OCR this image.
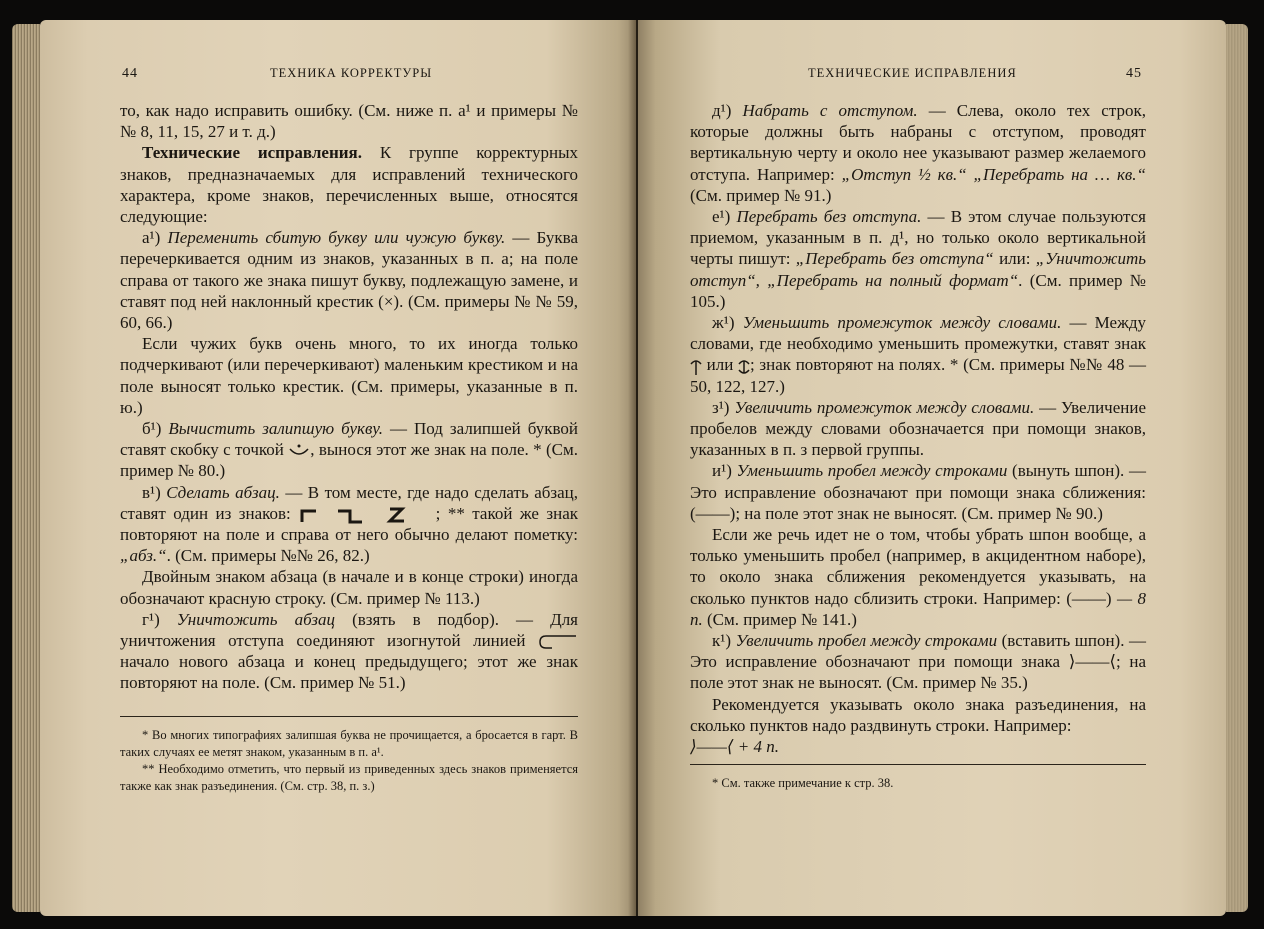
44	ТЕХНИКА КОРРЕКТУРЫ

то, как надо исправить ошибку. (См. ниже п. а¹ и примеры №№ 8, 11, 15, 27 и т. д.)

Технические исправления. К группе корректурных знаков, предназначаемых для исправлений технического характера, кроме знаков, перечисленных выше, относятся следующие:

а¹) Переменить сбитую букву или чужую букву. — Буква перечеркивается одним из знаков, указанных в п. а; на поле справа от такого же знака пишут букву, подлежащую замене, и ставят под ней наклонный крестик (×). (См. примеры № № 59, 60, 66.)

Если чужих букв очень много, то их иногда только подчеркивают (или перечеркивают) маленьким крестиком и на поле выносят только крестик. (См. примеры, указанные в п. ю.)

б¹) Вычистить залипшую букву. — Под залипшей буквой ставят скобку с точкой , вынося этот же знак на поле. * (См. пример № 80.)

в¹) Сделать абзац. — В том месте, где надо сделать абзац, ставят один из знаков:	; ** такой же знак повторяют на поле и справа от него обычно делают пометку: „абз.“. (См. примеры №№ 26, 82.)

Двойным знаком абзаца (в начале и в конце строки) иногда обозначают красную строку. (См. пример № 113.)

г¹) Уничтожить абзац (взять в подбор). — Для уничтожения отступа соединяют изогнутой линией  начало нового абзаца и конец предыдущего; этот же знак повторяют на поле. (См. пример № 51.)

* Во многих типографиях залипшая буква не прочищается, а бросается в гарт. В таких случаях ее метят знаком, указанным в п. а¹.

** Необходимо отметить, что первый из приведенных здесь знаков применяется также как знак разъединения. (См. стр. 38, п. з.)

ТЕХНИЧЕСКИЕ ИСПРАВЛЕНИЯ	45

д¹) Набрать с отступом. — Слева, около тех строк, которые должны быть набраны с отступом, проводят вертикальную черту и около нее указывают размер желаемого отступа. Например: „Отступ ½ кв.“ „Перебрать на … кв.“ (См. пример № 91.)

е¹) Перебрать без отступа. — В этом случае пользуются приемом, указанным в п. д¹, но только около вертикальной черты пишут: „Перебрать без отступа“ или: „Уничтожить отступ“, „Перебрать на полный формат“. (См. пример № 105.)

ж¹) Уменьшить промежуток между словами. — Между словами, где необходимо уменьшить промежутки, ставят знак  или ; знак повторяют на полях. * (См. примеры №№ 48 — 50, 122, 127.)

з¹) Увеличить промежуток между словами. — Увеличение пробелов между словами обозначается при помощи знаков, указанных в п. з первой группы.

и¹) Уменьшить пробел между строками (вынуть шпон). — Это исправление обозначают при помощи знака сближения: (——); на поле этот знак не выносят. (См. пример № 90.)

Если же речь идет не о том, чтобы убрать шпон вообще, а только уменьшить пробел (например, в акцидентном наборе), то около знака сближения рекомендуется указывать, на сколько пунктов надо сблизить строки. Например: (——) — 8 п. (См. пример № 141.)

к¹) Увеличить пробел между строками (вставить шпон). — Это исправление обозначают при помощи знака ⟩——⟨; на поле этот знак не выносят. (См. пример № 35.)

Рекомендуется указывать около знака разъединения, на сколько пунктов надо раздвинуть строки. Например:

⟩——⟨ + 4 п.

* См. также примечание к стр. 38.
